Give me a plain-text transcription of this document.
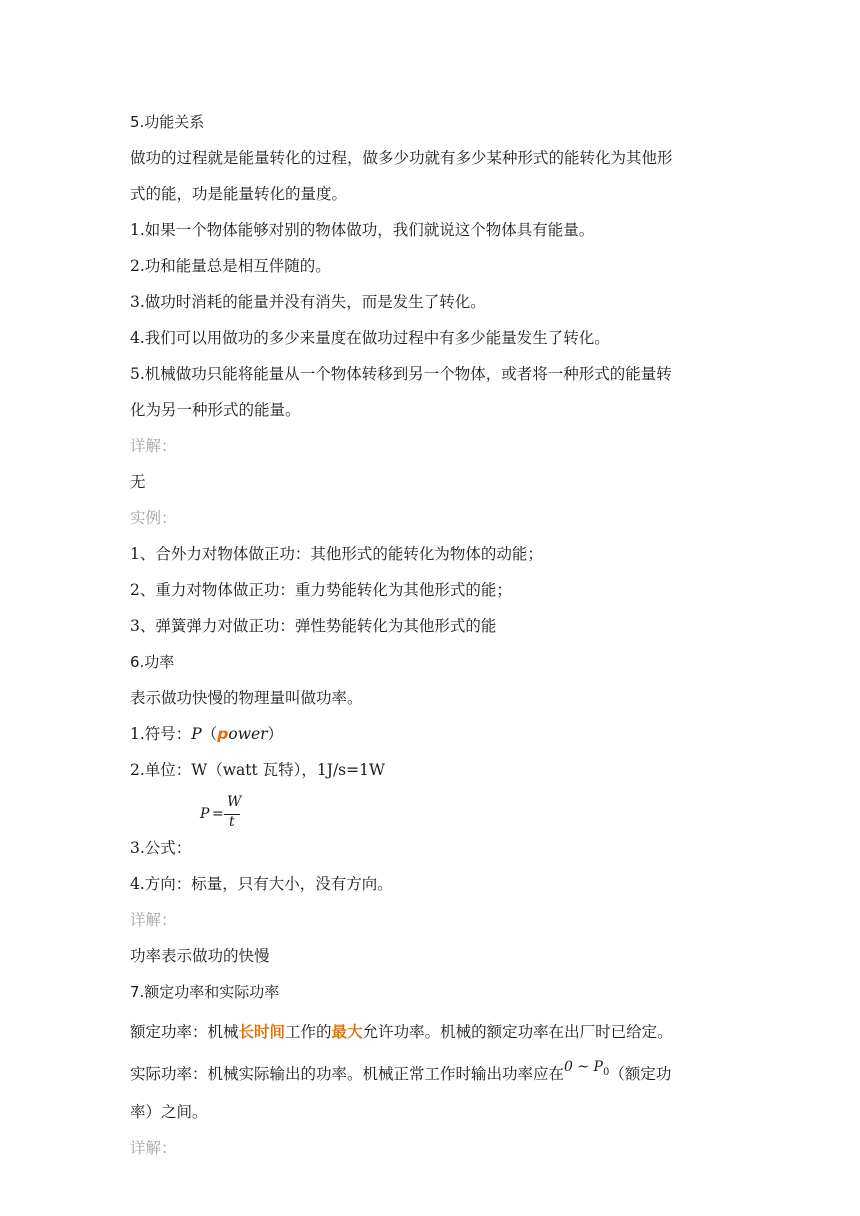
5.功能关系
做功的过程就是能量转化的过程，做多少功就有多少某种形式的能转化为其他形
式的能，功是能量转化的量度。
1.如果一个物体能够对别的物体做功，我们就说这个物体具有能量。
2.功和能量总是相互伴随的。
3.做功时消耗的能量并没有消失，而是发生了转化。
4.我们可以用做功的多少来量度在做功过程中有多少能量发生了转化。
5.机械做功只能将能量从一个物体转移到另一个物体，或者将一种形式的能量转
化为另一种形式的能量。
详解：
无
实例：
1、合外力对物体做正功：其他形式的能转化为物体的动能；
2、重力对物体做正功：重力势能转化为其他形式的能；
3、弹簧弹力对做正功：弹性势能转化为其他形式的能
6.功率
表示做功快慢的物理量叫做功率。
1.符号：P（power）
2.单位：W（watt 瓦特），1J/s=1W
3.公式：
P =
W
t
4.方向：标量，只有大小，没有方向。
详解：
功率表示做功的快慢
7.额定功率和实际功率
额定功率：机械长时间工作的最大允许功率。机械的额定功率在出厂时已给定。
实际功率：机械实际输出的功率。机械正常工作时输出功率应在0 ~ $P_0$（额定功
率）之间。
详解：
